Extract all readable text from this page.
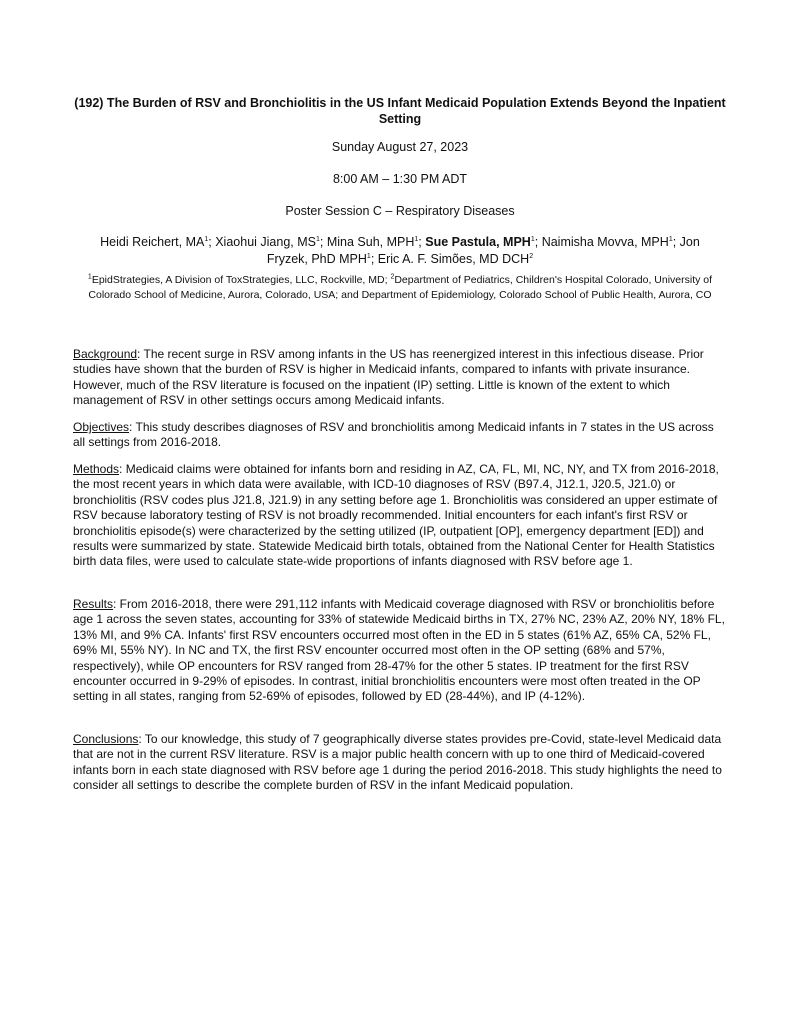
(192) The Burden of RSV and Bronchiolitis in the US Infant Medicaid Population Extends Beyond the Inpatient Setting
Sunday August 27, 2023
8:00 AM – 1:30 PM ADT
Poster Session C – Respiratory Diseases
Heidi Reichert, $MA^1$; Xiaohui Jiang, $MS^1$; Mina Suh, MPH$^1$; Sue Pastula, MPH$^1$; Naimisha Movva, MPH$^1$; Jon Fryzek, PhD MPH$^1$; Eric A. F. Simões, MD DCH$^2$
$^1$EpidStrategies, A Division of ToxStrategies, LLC, Rockville, MD; $^2$Department of Pediatrics, Children's Hospital Colorado, University of Colorado School of Medicine, Aurora, Colorado, USA; and Department of Epidemiology, Colorado School of Public Health, Aurora, CO
Background: The recent surge in RSV among infants in the US has reenergized interest in this infectious disease. Prior studies have shown that the burden of RSV is higher in Medicaid infants, compared to infants with private insurance. However, much of the RSV literature is focused on the inpatient (IP) setting. Little is known of the extent to which management of RSV in other settings occurs among Medicaid infants.
Objectives: This study describes diagnoses of RSV and bronchiolitis among Medicaid infants in 7 states in the US across all settings from 2016-2018.
Methods: Medicaid claims were obtained for infants born and residing in AZ, CA, FL, MI, NC, NY, and TX from 2016-2018, the most recent years in which data were available, with ICD-10 diagnoses of RSV (B97.4, J12.1, J20.5, J21.0) or bronchiolitis (RSV codes plus J21.8, J21.9) in any setting before age 1. Bronchiolitis was considered an upper estimate of RSV because laboratory testing of RSV is not broadly recommended. Initial encounters for each infant's first RSV or bronchiolitis episode(s) were characterized by the setting utilized (IP, outpatient [OP], emergency department [ED]) and results were summarized by state. Statewide Medicaid birth totals, obtained from the National Center for Health Statistics birth data files, were used to calculate state-wide proportions of infants diagnosed with RSV before age 1.
Results: From 2016-2018, there were 291,112 infants with Medicaid coverage diagnosed with RSV or bronchiolitis before age 1 across the seven states, accounting for 33% of statewide Medicaid births in TX, 27% NC, 23% AZ, 20% NY, 18% FL, 13% MI, and 9% CA. Infants' first RSV encounters occurred most often in the ED in 5 states (61% AZ, 65% CA, 52% FL, 69% MI, 55% NY). In NC and TX, the first RSV encounter occurred most often in the OP setting (68% and 57%, respectively), while OP encounters for RSV ranged from 28-47% for the other 5 states. IP treatment for the first RSV encounter occurred in 9-29% of episodes. In contrast, initial bronchiolitis encounters were most often treated in the OP setting in all states, ranging from 52-69% of episodes, followed by ED (28-44%), and IP (4-12%).
Conclusions: To our knowledge, this study of 7 geographically diverse states provides pre-Covid, state-level Medicaid data that are not in the current RSV literature. RSV is a major public health concern with up to one third of Medicaid-covered infants born in each state diagnosed with RSV before age 1 during the period 2016-2018. This study highlights the need to consider all settings to describe the complete burden of RSV in the infant Medicaid population.
